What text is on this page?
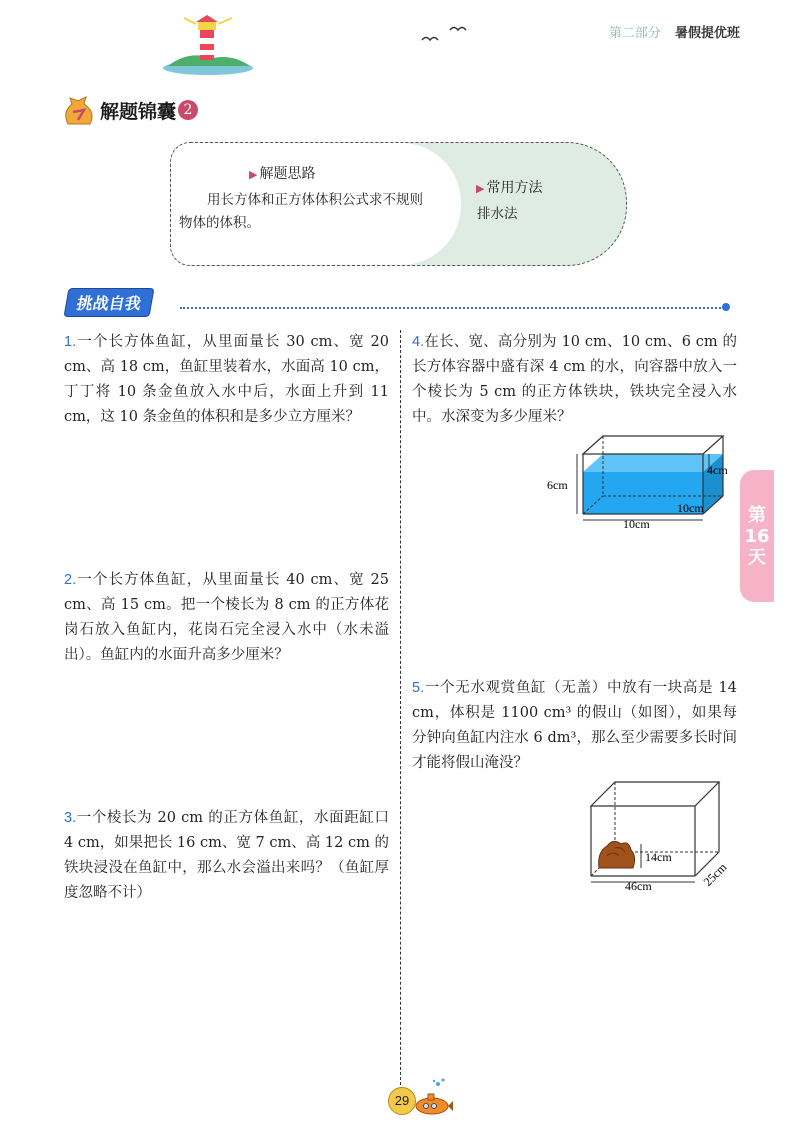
第二部分 暑假提优班
解题锦囊 2
▶ 解题思路
用长方体和正方体体积公式求不规则物体的体积。
▶ 常用方法
排水法
挑战自我
1.一个长方体鱼缸，从里面量长 30 cm、宽 20 cm、高 18 cm，鱼缸里装着水，水面高 10 cm，丁丁将 10 条金鱼放入水中后，水面上升到 11 cm，这 10 条金鱼的体积和是多少立方厘米？
2.一个长方体鱼缸，从里面量长 40 cm、宽 25 cm、高 15 cm。把一个棱长为 8 cm 的正方体花岗石放入鱼缸内，花岗石完全浸入水中（水未溢出）。鱼缸内的水面升高多少厘米？
3.一个棱长为 20 cm 的正方体鱼缸，水面距缸口 4 cm，如果把长 16 cm、宽 7 cm、高 12 cm 的铁块浸没在鱼缸中，那么水会溢出来吗？（鱼缸厚度忽略不计）
4.在长、宽、高分别为 10 cm、10 cm、6 cm 的长方体容器中盛有深 4 cm 的水，向容器中放入一个棱长为 5 cm 的正方体铁块，铁块完全浸入水中。水深变为多少厘米？
6cm
4cm
10cm
10cm
5.一个无水观赏鱼缸（无盖）中放有一块高是 14 cm，体积是 1100 cm³ 的假山（如图），如果每分钟向鱼缸内注水 6 dm³，那么至少需要多长时间才能将假山淹没？
14cm
46cm	25cm
第
16
天
29
